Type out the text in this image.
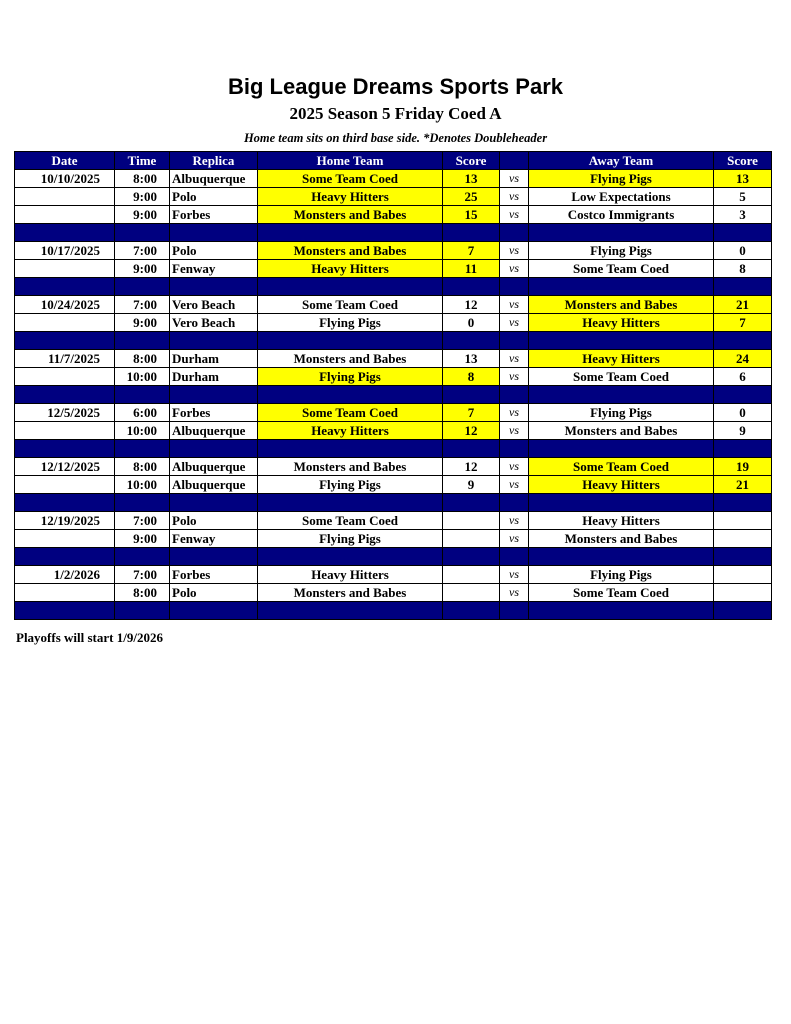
Big League Dreams Sports Park
2025 Season 5 Friday Coed A
Home team sits on third base side. *Denotes Doubleheader
Date	Time	Replica	Home Team	Score		Away Team	Score
10/10/2025	8:00	Albuquerque	Some Team Coed	13	vs	Flying Pigs	13
	9:00	Polo	Heavy Hitters	25	vs	Low Expectations	5
	9:00	Forbes	Monsters and Babes	15	vs	Costco Immigrants	3

10/17/2025	7:00	Polo	Monsters and Babes	7	vs	Flying Pigs	0
	9:00	Fenway	Heavy Hitters	11	vs	Some Team Coed	8

10/24/2025	7:00	Vero Beach	Some Team Coed	12	vs	Monsters and Babes	21
	9:00	Vero Beach	Flying Pigs	0	vs	Heavy Hitters	7

11/7/2025	8:00	Durham	Monsters and Babes	13	vs	Heavy Hitters	24
	10:00	Durham	Flying Pigs	8	vs	Some Team Coed	6

12/5/2025	6:00	Forbes	Some Team Coed	7	vs	Flying Pigs	0
	10:00	Albuquerque	Heavy Hitters	12	vs	Monsters and Babes	9

12/12/2025	8:00	Albuquerque	Monsters and Babes	12	vs	Some Team Coed	19
	10:00	Albuquerque	Flying Pigs	9	vs	Heavy Hitters	21

12/19/2025	7:00	Polo	Some Team Coed		vs	Heavy Hitters	
	9:00	Fenway	Flying Pigs		vs	Monsters and Babes	

1/2/2026	7:00	Forbes	Heavy Hitters		vs	Flying Pigs	
	8:00	Polo	Monsters and Babes		vs	Some Team Coed	

Playoffs will start 1/9/2026
